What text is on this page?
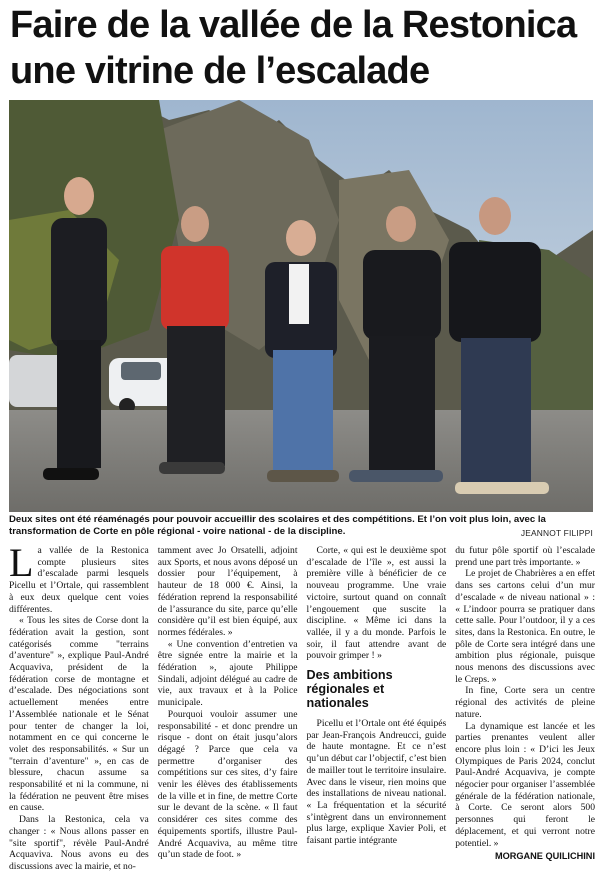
Faire de la vallée de la Restonica
une vitrine de l’escalade
Deux sites ont été réaménagés pour pouvoir accueillir des scolaires et des compétitions. Et l’on voit plus loin, avec la transformation de Corte en pôle régional - voire national - de la discipline.	JEANNOT FILIPPI

La vallée de la Restonica compte plusieurs sites d’escalade parmi lesquels Picellu et l’Ortale, qui rassemblent à eux deux quelque cent voies différentes.

« Tous les sites de Corse dont la fédération avait la gestion, sont catégorisés comme "terrains d’aventure" », explique Paul-André Acquaviva, président de la fédération corse de montagne et d’escalade. Des négociations sont actuellement menées entre l’Assemblée nationale et le Sénat pour tenter de changer la loi, notamment en ce qui concerne le volet des responsabilités. « Sur un "terrain d’aventure" », en cas de blessure, chacun assume sa responsabilité et ni la commune, ni la fédération ne peuvent être mises en cause.

Dans la Restonica, cela va changer : « Nous allons passer en "site sportif", révèle Paul-André Acquaviva. Nous avons eu des discussions avec la mairie, et no-

tamment avec Jo Orsatelli, adjoint aux Sports, et nous avons déposé un dossier pour l’équipement, à hauteur de 18 000 €. Ainsi, la fédération reprend la responsabilité de l’assurance du site, parce qu’elle considère qu’il est bien équipé, aux normes fédérales. »

« Une convention d’entretien va être signée entre la mairie et la fédération », ajoute Philippe Sindali, adjoint délégué au cadre de vie, aux travaux et à la Police municipale.

Pourquoi vouloir assumer une responsabilité - et donc prendre un risque - dont on était jusqu’alors dégagé ? Parce que cela va permettre d’organiser des compétitions sur ces sites, d’y faire venir les élèves des établissements de la ville et in fine, de mettre Corte sur le devant de la scène. « Il faut considérer ces sites comme des équipements sportifs, illustre Paul-André Acquaviva, au même titre qu’un stade de foot. »

Corte, « qui est le deuxième spot d’escalade de l’île », est aussi la première ville à bénéficier de ce nouveau programme. Une vraie victoire, surtout quand on connaît l’engouement que suscite la discipline. « Même ici dans la vallée, il y a du monde. Parfois le soir, il faut attendre avant de pouvoir grimper ! »

Des ambitions régionales et nationales

Picellu et l’Ortale ont été équipés par Jean-François Andreucci, guide de haute montagne. Et ce n’est qu’un début car l’objectif, c’est bien de mailler tout le territoire insulaire. Avec dans le viseur, rien moins que des installations de niveau national. « La fréquentation et la sécurité s’intègrent dans un environnement plus large, explique Xavier Poli, et faisant partie intégrante

du futur pôle sportif où l’escalade prend une part très importante. »

Le projet de Chabrières a en effet dans ses cartons celui d’un mur d’escalade « de niveau national » : « L’indoor pourra se pratiquer dans cette salle. Pour l’outdoor, il y a ces sites, dans la Restonica. En outre, le pôle de Corte sera intégré dans une ambition plus régionale, puisque nous menons des discussions avec le Creps. »

In fine, Corte sera un centre régional des activités de pleine nature.

La dynamique est lancée et les parties prenantes veulent aller encore plus loin : « D’ici les Jeux Olympiques de Paris 2024, conclut Paul-André Acquaviva, je compte négocier pour organiser l’assemblée générale de la fédération nationale, à Corte. Ce seront alors 500 personnes qui feront le déplacement, et qui verront notre potentiel. »

MORGANE QUILICHINI
